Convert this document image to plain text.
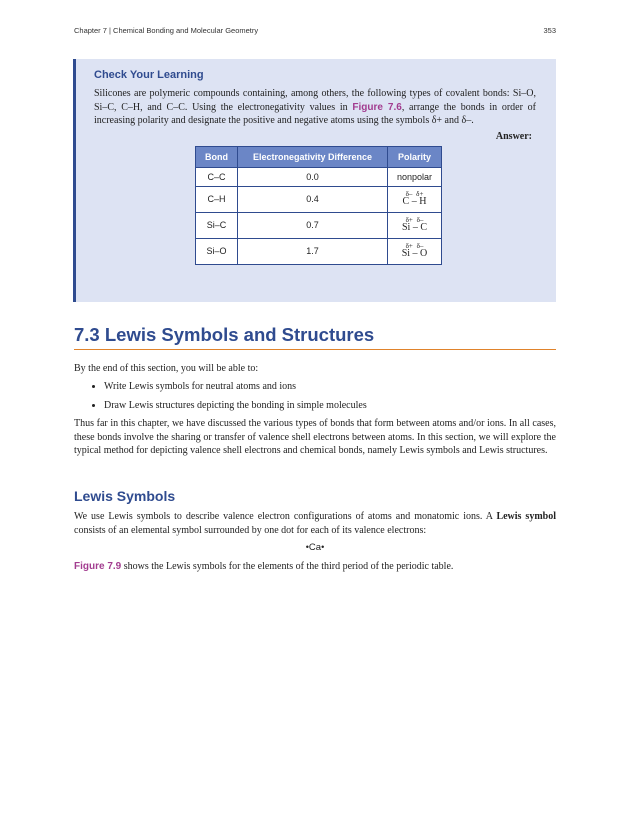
Chapter 7 | Chemical Bonding and Molecular Geometry	353

Check Your Learning

Silicones are polymeric compounds containing, among others, the following types of covalent bonds: Si–O, Si–C, C–H, and C–C. Using the electronegativity values in Figure 7.6, arrange the bonds in order of increasing polarity and designate the positive and negative atoms using the symbols δ+ and δ–.

Answer:

Bond	Electronegativity Difference	Polarity
C–C	0.0	nonpolar
C–H	0.4	δ– δ+
C – H

Si–C	0.7	δ+ δ–
Si – C

Si–O	1.7	δ+ δ–
Si – O
7.3 Lewis Symbols and Structures

By the end of this section, you will be able to:

• Write Lewis symbols for neutral atoms and ions
• Draw Lewis structures depicting the bonding in simple molecules

Thus far in this chapter, we have discussed the various types of bonds that form between atoms and/or ions. In all cases, these bonds involve the sharing or transfer of valence shell electrons between atoms. In this section, we will explore the typical method for depicting valence shell electrons and chemical bonds, namely Lewis symbols and Lewis structures.

Lewis Symbols

We use Lewis symbols to describe valence electron configurations of atoms and monatomic ions. A Lewis symbol consists of an elemental symbol surrounded by one dot for each of its valence electrons:

•Ca•

Figure 7.9 shows the Lewis symbols for the elements of the third period of the periodic table.
